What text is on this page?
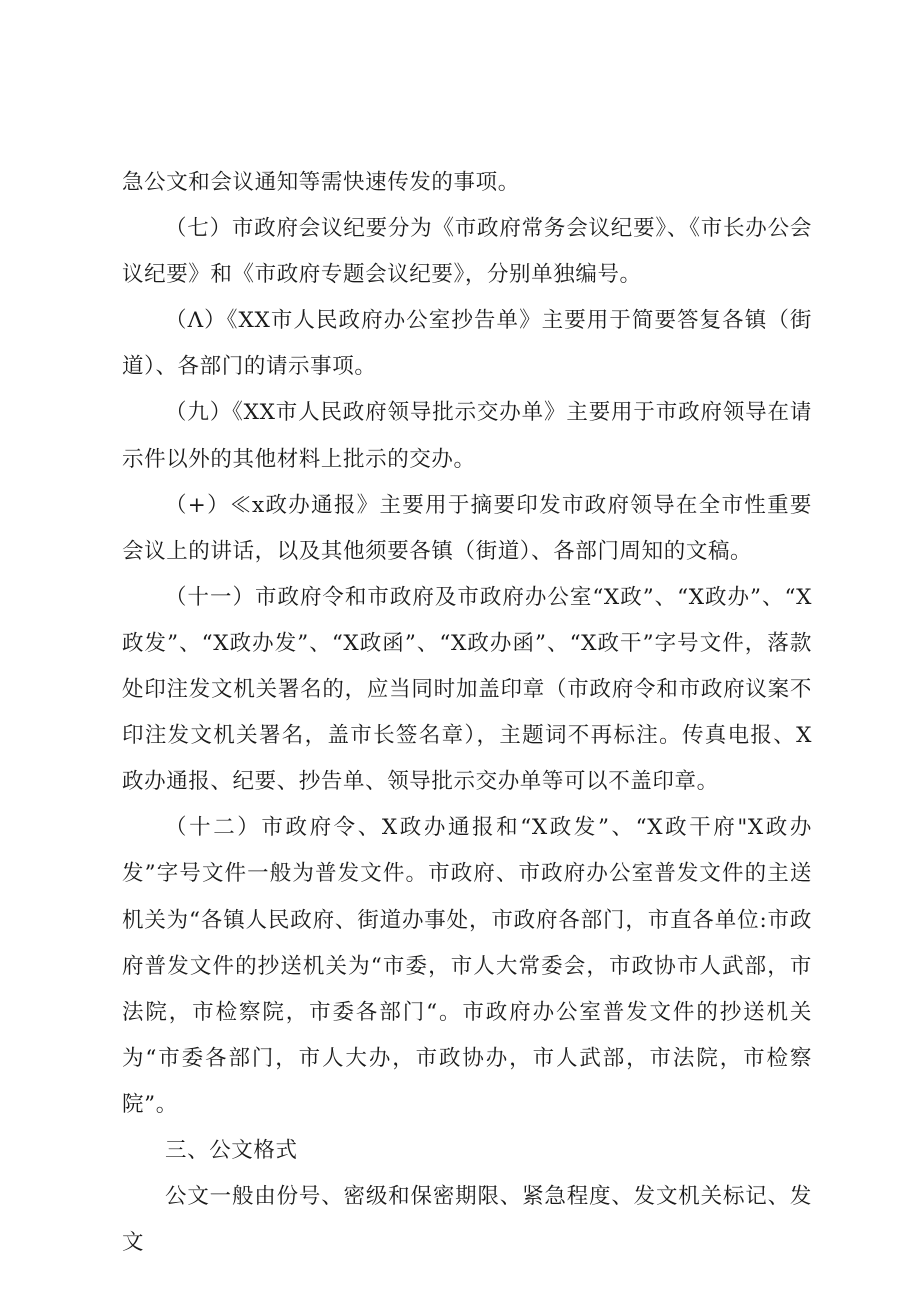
急公文和会议通知等需快速传发的事项。

（七）市政府会议纪要分为《市政府常务会议纪要》、《市长办公会议纪要》和《市政府专题会议纪要》，分别单独编号。

（Λ）《XX市人民政府办公室抄告单》主要用于简要答复各镇（街道）、各部门的请示事项。

（九）《XX市人民政府领导批示交办单》主要用于市政府领导在请示件以外的其他材料上批示的交办。

（+）≪x政办通报》主要用于摘要印发市政府领导在全市性重要会议上的讲话，以及其他须要各镇（街道）、各部门周知的文稿。

（十一）市政府令和市政府及市政府办公室“X政”、“X政办”、“X政发”、“X政办发”、“X政函”、“X政办函”、“X政干”字号文件，落款处印注发文机关署名的，应当同时加盖印章（市政府令和市政府议案不印注发文机关署名，盖市长签名章），主题词不再标注。传真电报、X政办通报、纪要、抄告单、领导批示交办单等可以不盖印章。

（十二）市政府令、X政办通报和“X政发”、“X政干府"X政办发”字号文件一般为普发文件。市政府、市政府办公室普发文件的主送机关为“各镇人民政府、街道办事处，市政府各部门，市直各单位:市政府普发文件的抄送机关为“市委，市人大常委会，市政协市人武部，市法院，市检察院，市委各部门“。市政府办公室普发文件的抄送机关为“市委各部门，市人大办，市政协办，市人武部，市法院，市检察院”。

三、公文格式

公文一般由份号、密级和保密期限、紧急程度、发文机关标记、发文
